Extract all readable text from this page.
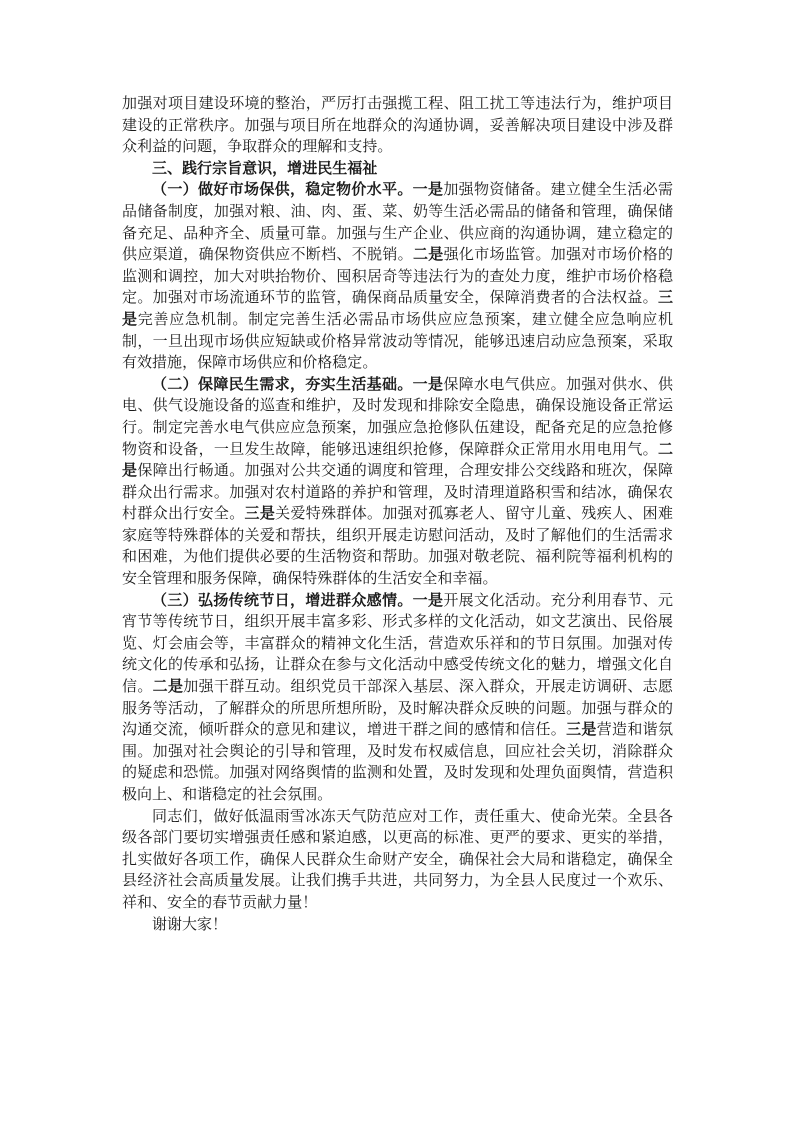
加强对项目建设环境的整治，严厉打击强揽工程、阻工扰工等违法行为，维护项目建设的正常秩序。加强与项目所在地群众的沟通协调，妥善解决项目建设中涉及群众利益的问题，争取群众的理解和支持。

三、践行宗旨意识，增进民生福祉

（一）做好市场保供，稳定物价水平。一是加强物资储备。建立健全生活必需品储备制度，加强对粮、油、肉、蛋、菜、奶等生活必需品的储备和管理，确保储备充足、品种齐全、质量可靠。加强与生产企业、供应商的沟通协调，建立稳定的供应渠道，确保物资供应不断档、不脱销。二是强化市场监管。加强对市场价格的监测和调控，加大对哄抬物价、囤积居奇等违法行为的查处力度，维护市场价格稳定。加强对市场流通环节的监管，确保商品质量安全，保障消费者的合法权益。三是完善应急机制。制定完善生活必需品市场供应应急预案，建立健全应急响应机制，一旦出现市场供应短缺或价格异常波动等情况，能够迅速启动应急预案，采取有效措施，保障市场供应和价格稳定。

（二）保障民生需求，夯实生活基础。一是保障水电气供应。加强对供水、供电、供气设施设备的巡查和维护，及时发现和排除安全隐患，确保设施设备正常运行。制定完善水电气供应应急预案，加强应急抢修队伍建设，配备充足的应急抢修物资和设备，一旦发生故障，能够迅速组织抢修，保障群众正常用水用电用气。二是保障出行畅通。加强对公共交通的调度和管理，合理安排公交线路和班次，保障群众出行需求。加强对农村道路的养护和管理，及时清理道路积雪和结冰，确保农村群众出行安全。三是关爱特殊群体。加强对孤寡老人、留守儿童、残疾人、困难家庭等特殊群体的关爱和帮扶，组织开展走访慰问活动，及时了解他们的生活需求和困难，为他们提供必要的生活物资和帮助。加强对敬老院、福利院等福利机构的安全管理和服务保障，确保特殊群体的生活安全和幸福。

（三）弘扬传统节日，增进群众感情。一是开展文化活动。充分利用春节、元宵节等传统节日，组织开展丰富多彩、形式多样的文化活动，如文艺演出、民俗展览、灯会庙会等，丰富群众的精神文化生活，营造欢乐祥和的节日氛围。加强对传统文化的传承和弘扬，让群众在参与文化活动中感受传统文化的魅力，增强文化自信。二是加强干群互动。组织党员干部深入基层、深入群众，开展走访调研、志愿服务等活动，了解群众的所思所想所盼，及时解决群众反映的问题。加强与群众的沟通交流，倾听群众的意见和建议，增进干群之间的感情和信任。三是营造和谐氛围。加强对社会舆论的引导和管理，及时发布权威信息，回应社会关切，消除群众的疑虑和恐慌。加强对网络舆情的监测和处置，及时发现和处理负面舆情，营造积极向上、和谐稳定的社会氛围。

同志们，做好低温雨雪冰冻天气防范应对工作，责任重大、使命光荣。全县各级各部门要切实增强责任感和紧迫感，以更高的标准、更严的要求、更实的举措，扎实做好各项工作，确保人民群众生命财产安全，确保社会大局和谐稳定，确保全县经济社会高质量发展。让我们携手共进，共同努力，为全县人民度过一个欢乐、祥和、安全的春节贡献力量！

谢谢大家！
